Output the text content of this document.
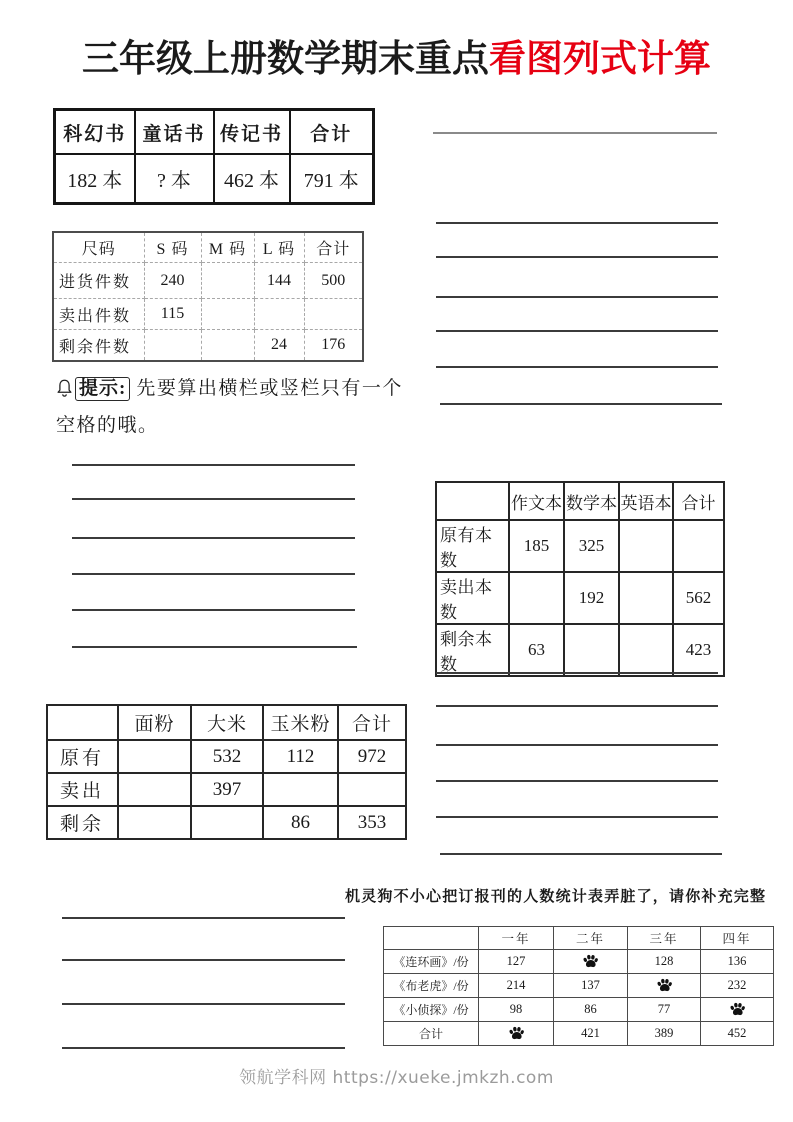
三年级上册数学期末重点看图列式计算
科幻书	童话书	传记书	合计
182 本	? 本	462 本	791 本
尺码	S 码	M 码	L 码	合计
进货件数	240		144	500
卖出件数	115			
剩余件数			24	176
提示: 先要算出横栏或竖栏只有一个空格的哦。
	作文本	数学本	英语本	合计
原有本数	185	325		
卖出本数		192		562
剩余本数	63			423
	面粉	大米	玉米粉	合计
原有		532	112	972
卖出		397		
剩余			86	353
机灵狗不小心把订报刊的人数统计表弄脏了，请你补充完整
	一年	二年	三年	四年
《连环画》/份	127		128	136
《布老虎》/份	214	137		232
《小侦探》/份	98	86	77	
合计		421	389	452
领航学科网 https://xueke.jmkzh.com
